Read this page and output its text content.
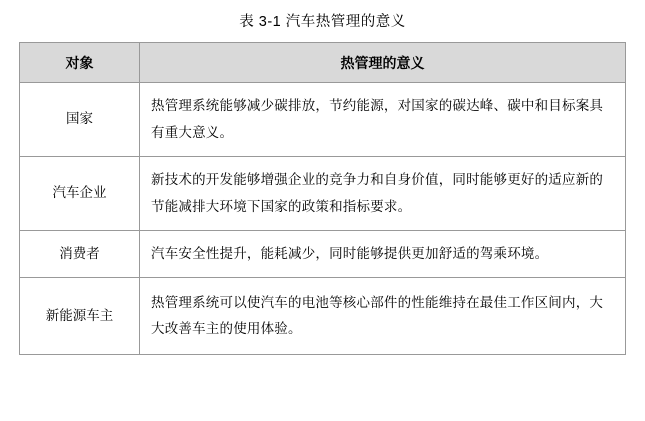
表 3-1 汽车热管理的意义
对象	热管理的意义
国家	热管理系统能够减少碳排放，节约能源，对国家的碳达峰、碳中和目标案具有重大意义。
汽车企业	新技术的开发能够增强企业的竞争力和自身价值，同时能够更好的适应新的节能减排大环境下国家的政策和指标要求。
消费者	汽车安全性提升，能耗减少，同时能够提供更加舒适的驾乘环境。
新能源车主	热管理系统可以使汽车的电池等核心部件的性能维持在最佳工作区间内，大大改善车主的使用体验。
